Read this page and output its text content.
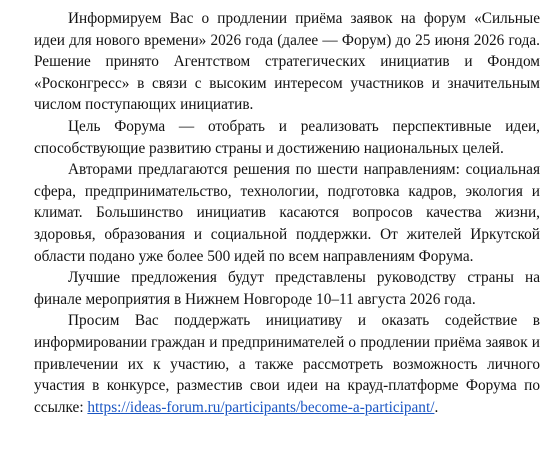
Информируем Вас о продлении приёма заявок на форум «Сильные идеи для нового времени» 2026 года (далее — Форум) до 25 июня 2026 года. Решение принято Агентством стратегических инициатив и Фондом «Росконгресс» в связи с высоким интересом участников и значительным числом поступающих инициатив.

Цель Форума — отобрать и реализовать перспективные идеи, способствующие развитию страны и достижению национальных целей.

Авторами предлагаются решения по шести направлениям: социальная сфера, предпринимательство, технологии, подготовка кадров, экология и климат. Большинство инициатив касаются вопросов качества жизни, здоровья, образования и социальной поддержки. От жителей Иркутской области подано уже более 500 идей по всем направлениям Форума.

Лучшие предложения будут представлены руководству страны на финале мероприятия в Нижнем Новгороде 10–11 августа 2026 года.

Просим Вас поддержать инициативу и оказать содействие в информировании граждан и предпринимателей о продлении приёма заявок и привлечении их к участию, а также рассмотреть возможность личного участия в конкурсе, разместив свои идеи на крауд-платформе Форума по ссылке: https://ideas-forum.ru/participants/become-a-participant/.
